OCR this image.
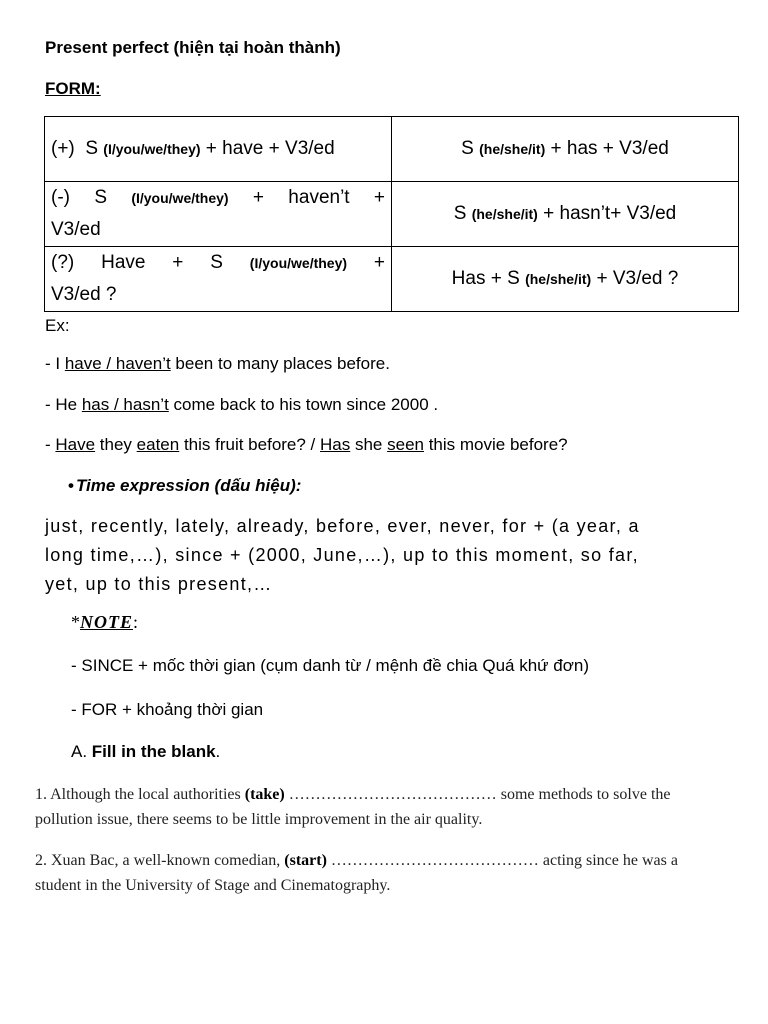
Present perfect (hiện tại hoàn thành)
FORM:
(+) S (I/you/we/they) + have + V3/ed	S (he/she/it) + has + V3/ed

(-) S (I/you/we/they) + haven’t +
V3/ed	S (he/she/it) + hasn’t+ V3/ed

(?) Have + S (I/you/we/they) +
V3/ed ?	Has + S (he/she/it) + V3/ed ?
Ex:

- I have / haven’t been to many places before.

- He has / hasn’t come back to his town since 2000 .

- Have they eaten this fruit before? / Has she seen this movie before?

• Time expression (dấu hiệu):
just, recently, lately, already, before, ever, never, for + (a year, a
long time,…), since + (2000, June,…), up to this moment, so far,
yet, up to this present,…
*NOTE:
- SINCE + mốc thời gian (cụm danh từ / mệnh đề chia Quá khứ đơn)
- FOR + khoảng thời gian
A. Fill in the blank.
1. Although the local authorities (take) ………………………………… some methods to solve the pollution issue, there seems to be little improvement in the air quality.
2. Xuan Bac, a well-known comedian, (start) ………………………………… acting since he was a student in the University of Stage and Cinematography.
